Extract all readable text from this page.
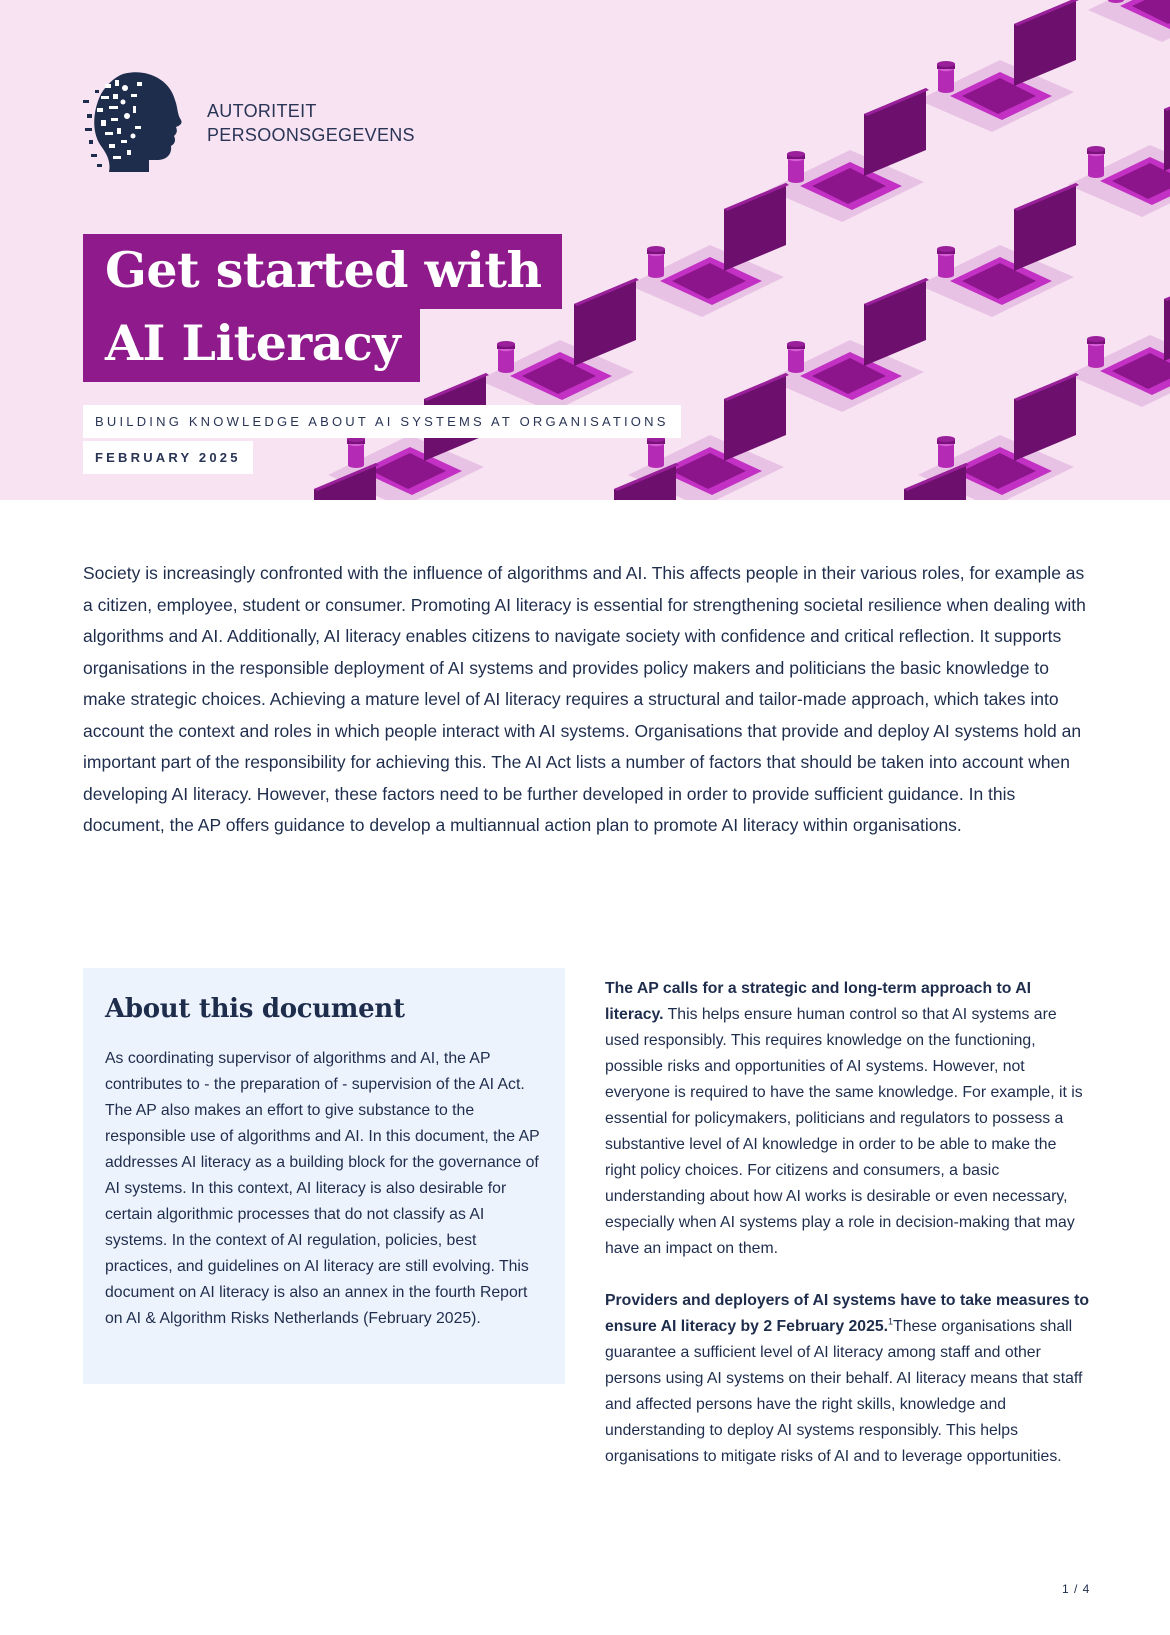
AUTORITEIT
PERSOONSGEGEVENS
Get started with
AI Literacy
BUILDING KNOWLEDGE ABOUT AI SYSTEMS AT ORGANISATIONS
FEBRUARY 2025
Society is increasingly confronted with the influence of algorithms and AI. This affects people in their various roles, for example as a citizen, employee, student or consumer. Promoting AI literacy is essential for strengthening societal resilience when dealing with algorithms and AI. Additionally, AI literacy enables citizens to navigate society with confidence and critical reflection. It supports organisations in the responsible deployment of AI systems and provides policy makers and politicians the basic knowledge to make strategic choices. Achieving a mature level of AI literacy requires a structural and tailor-made approach, which takes into account the context and roles in which people interact with AI systems. Organisations that provide and deploy AI systems hold an important part of the responsibility for achieving this. The AI Act lists a number of factors that should be taken into account when developing AI literacy. However, these factors need to be further developed in order to provide sufficient guidance. In this document, the AP offers guidance to develop a multiannual action plan to promote AI literacy within organisations.
About this document

As coordinating supervisor of algorithms and AI, the AP contributes to - the preparation of - supervision of the AI Act. The AP also makes an effort to give substance to the responsible use of algorithms and AI. In this document, the AP addresses AI literacy as a building block for the governance of AI systems. In this context, AI literacy is also desirable for certain algorithmic processes that do not classify as AI systems. In the context of AI regulation, policies, best practices, and guidelines on AI literacy are still evolving. This document on AI literacy is also an annex in the fourth Report on AI & Algorithm Risks Netherlands (February 2025).

The AP calls for a strategic and long-term approach to AI literacy. This helps ensure human control so that AI systems are used responsibly. This requires knowledge on the functioning, possible risks and opportunities of AI systems. However, not everyone is required to have the same knowledge. For example, it is essential for policymakers, politicians and regulators to possess a substantive level of AI knowledge in order to be able to make the right policy choices. For citizens and consumers, a basic understanding about how AI works is desirable or even necessary, especially when AI systems play a role in decision-making that may have an impact on them.

Providers and deployers of AI systems have to take measures to ensure AI literacy by 2 February 2025.$^1$These organisations shall guarantee a sufficient level of AI literacy among staff and other persons using AI systems on their behalf. AI literacy means that staff and affected persons have the right skills, knowledge and understanding to deploy AI systems responsibly. This helps organisations to mitigate risks of AI and to leverage opportunities.

1 / 4
